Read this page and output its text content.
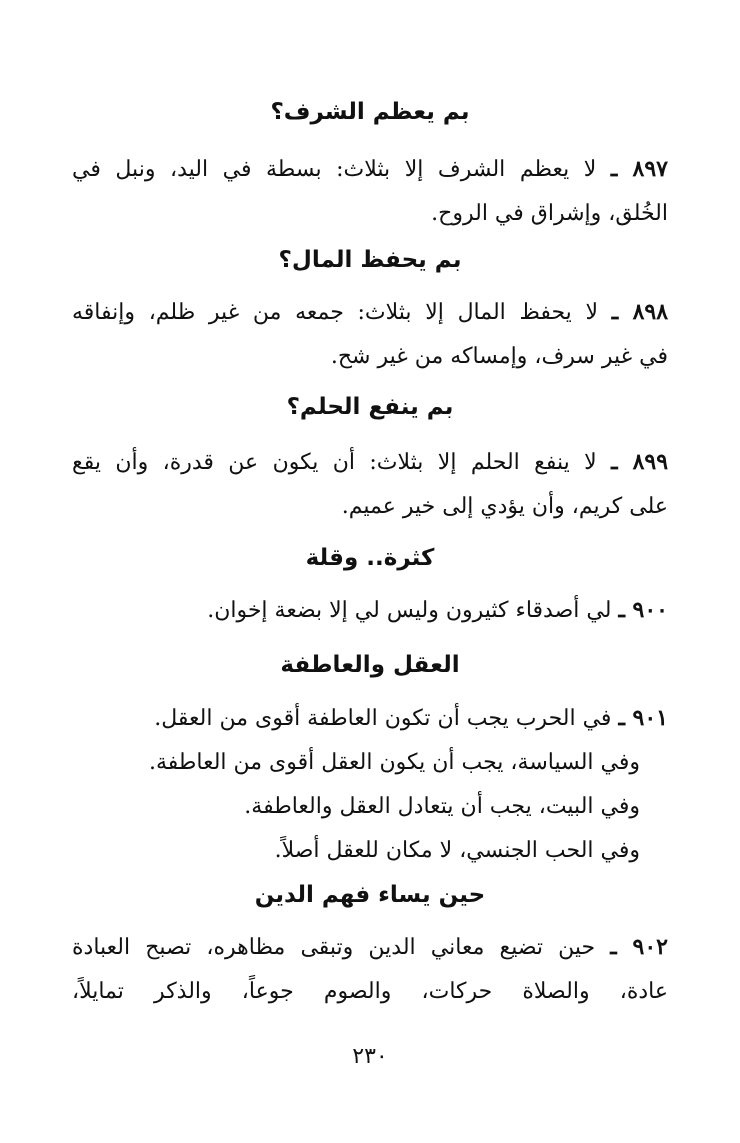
بم يعظم الشرف؟
٨٩٧ ـ لا يعظم الشرف إلا بثلاث: بسطة في اليد، ونبل في
الخُلق، وإشراق في الروح.
بم يحفظ المال؟
٨٩٨ ـ لا يحفظ المال إلا بثلاث: جمعه من غير ظلم، وإنفاقه
في غير سرف، وإمساكه من غير شح.
بم ينفع الحلم؟
٨٩٩ ـ لا ينفع الحلم إلا بثلاث: أن يكون عن قدرة، وأن يقع
على كريم، وأن يؤدي إلى خير عميم.
كثرة.. وقلة
٩٠٠ ـ لي أصدقاء كثيرون وليس لي إلا بضعة إخوان.
العقل والعاطفة
٩٠١ ـ في الحرب يجب أن تكون العاطفة أقوى من العقل.
وفي السياسة، يجب أن يكون العقل أقوى من العاطفة.
وفي البيت، يجب أن يتعادل العقل والعاطفة.
وفي الحب الجنسي، لا مكان للعقل أصلاً.
حين يساء فهم الدين
٩٠٢ ـ حين تضيع معاني الدين وتبقى مظاهره، تصبح العبادة
عادة، والصلاة حركات، والصوم جوعاً، والذكر تمايلاً،
٢٣٠
